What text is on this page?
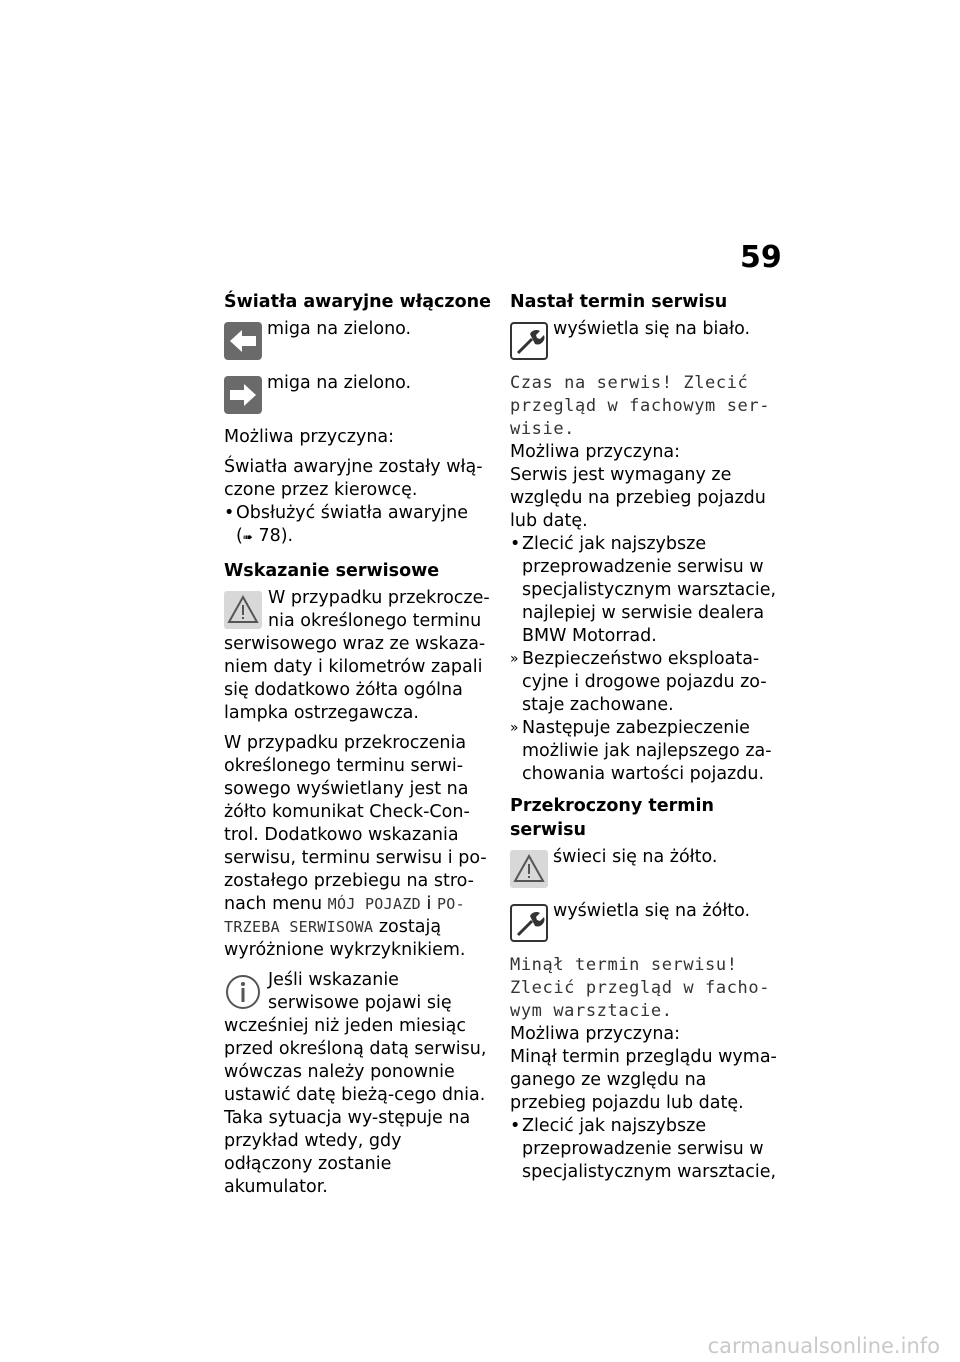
59

Światła awaryjne włączone

miga na zielono.
miga na zielono.

Możliwa przyczyna:

Światła awaryjne zostały włą-czone przez kierowcę.

• Obsłużyć światła awaryjne
(➠ 78).

Wskazanie serwisowe

W przypadku przekrocze-nia określonego terminu serwisowego wraz ze wskaza-niem daty i kilometrów zapali się dodatkowo żółta ogólna lampka ostrzegawcza.

W przypadku przekroczenia określonego terminu serwi-sowego wyświetlany jest na żółto komunikat Check-Con-trol. Dodatkowo wskazania serwisu, terminu serwisu i po-zostałego przebiegu na stro-nach menu MÓJ POJAZD i PO-TRZEBA SERWISOWA zostają wyróżnione wykrzyknikiem.

Jeśli wskazanie serwisowe pojawi się wcześniej niż jeden miesiąc przed określoną datą serwisu, wówczas należy ponownie ustawić datę bieżą-cego dnia. Taka sytuacja wy-stępuje na przykład wtedy, gdy odłączony zostanie akumulator.

Nastał termin serwisu

wyświetla się na biało.

Czas na serwis! Zlecić przegląd w fachowym ser-wisie.

Możliwa przyczyna:

Serwis jest wymagany ze względu na przebieg pojazdu lub datę.

• Zlecić jak najszybsze przeprowadzenie serwisu w specjalistycznym warsztacie, najlepiej w serwisie dealera BMW Motorrad.
» Bezpieczeństwo eksploata-cyjne i drogowe pojazdu zo-staje zachowane.
» Następuje zabezpieczenie możliwie jak najlepszego za-chowania wartości pojazdu.

Przekroczony termin serwisu

świeci się na żółto.
wyświetla się na żółto.

Minął termin serwisu! Zlecić przegląd w facho-wym warsztacie.

Możliwa przyczyna:

Minął termin przeglądu wyma-ganego ze względu na przebieg pojazdu lub datę.

• Zlecić jak najszybsze przeprowadzenie serwisu w specjalistycznym warsztacie,
carmanualsonline.info
